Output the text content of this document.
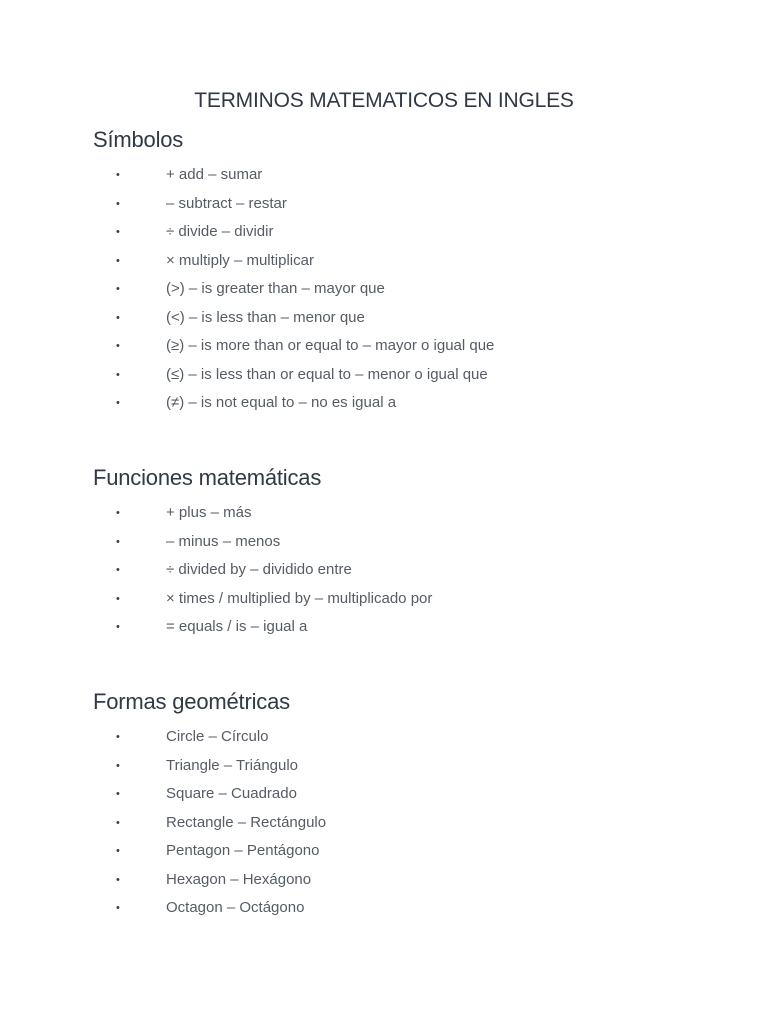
TERMINOS MATEMATICOS EN INGLES
Símbolos
•	+ add – sumar
•	– subtract – restar
•	÷ divide – dividir
•	× multiply – multiplicar
•	(>) – is greater than – mayor que
•	(<) – is less than – menor que
•	(≥) – is more than or equal to – mayor o igual que
•	(≤) – is less than or equal to – menor o igual que
•	(≠) – is not equal to – no es igual a
Funciones matemáticas
•	+ plus – más
•	– minus – menos
•	÷ divided by – dividido entre
•	× times / multiplied by – multiplicado por
•	= equals / is – igual a
Formas geométricas
•	Circle – Círculo
•	Triangle – Triángulo
•	Square – Cuadrado
•	Rectangle – Rectángulo
•	Pentagon – Pentágono
•	Hexagon – Hexágono
•	Octagon – Octágono
